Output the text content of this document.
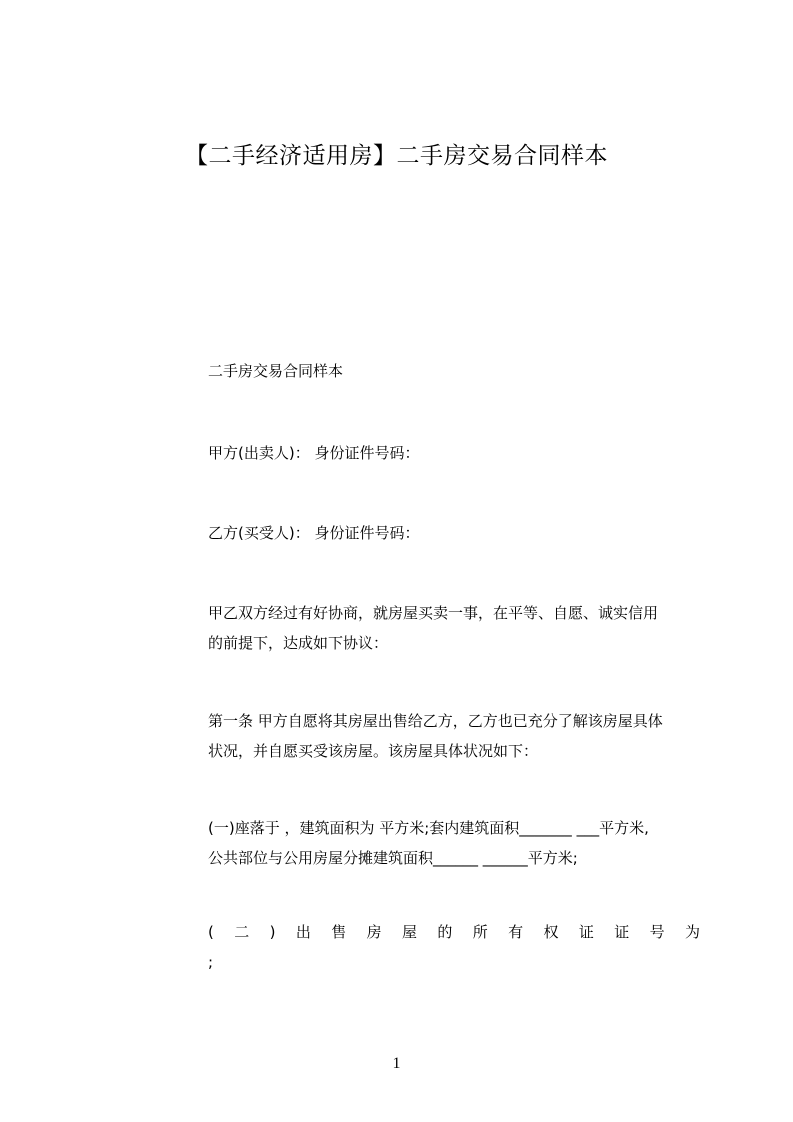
【二手经济适用房】二手房交易合同样本
二手房交易合同样本
甲方(出卖人)： 身份证件号码：
乙方(买受人)： 身份证件号码：
甲乙双方经过有好协商，就房屋买卖一事，在平等、自愿、诚实信用
的前提下，达成如下协议：
第一条 甲方自愿将其房屋出售给乙方，乙方也已充分了解该房屋具体
状况，并自愿买受该房屋。该房屋具体状况如下：
(一)座落于 ，建筑面积为 平方米;套内建筑面积_______ ___平方米,
公共部位与公用房屋分摊建筑面积______ ______平方米;
( 二 ) 出 售 房 屋 的 所 有 权 证 证 号 为
;
1
